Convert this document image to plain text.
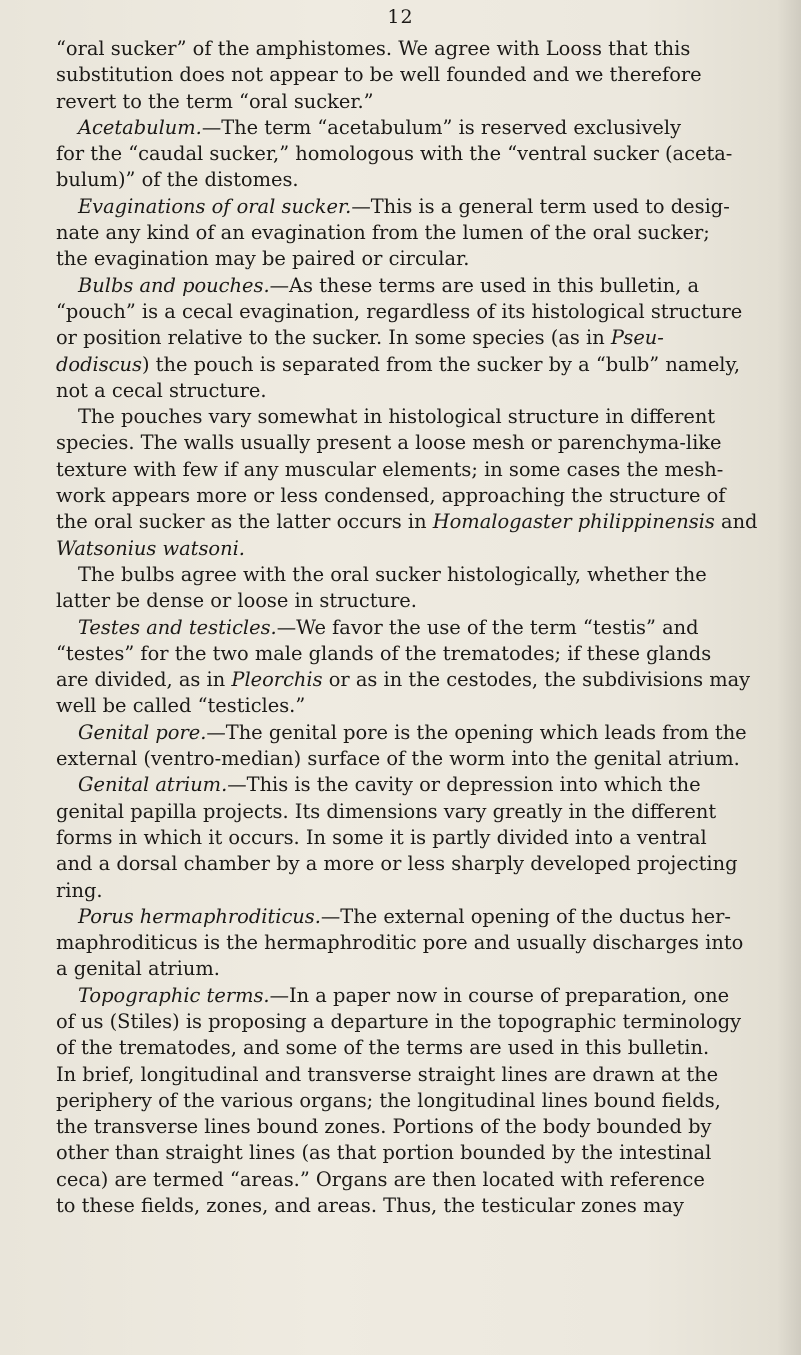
12
“oral sucker” of the amphistomes. We agree with Looss that this
substitution does not appear to be well founded and we therefore
revert to the term “oral sucker.”
Acetabulum.—The term “acetabulum” is reserved exclusively
for the “caudal sucker,” homologous with the “ventral sucker (aceta-
bulum)” of the distomes.
Evaginations of oral sucker.—This is a general term used to desig-
nate any kind of an evagination from the lumen of the oral sucker;
the evagination may be paired or circular.
Bulbs and pouches.—As these terms are used in this bulletin, a
“pouch” is a cecal evagination, regardless of its histological structure
or position relative to the sucker. In some species (as in Pseu-
dodiscus) the pouch is separated from the sucker by a “bulb” namely,
not a cecal structure.
The pouches vary somewhat in histological structure in different
species. The walls usually present a loose mesh or parenchyma-like
texture with few if any muscular elements; in some cases the mesh-
work appears more or less condensed, approaching the structure of
the oral sucker as the latter occurs in Homalogaster philippinensis and
Watsonius watsoni.
The bulbs agree with the oral sucker histologically, whether the
latter be dense or loose in structure.
Testes and testicles.—We favor the use of the term “testis” and
“testes” for the two male glands of the trematodes; if these glands
are divided, as in Pleorchis or as in the cestodes, the subdivisions may
well be called “testicles.”
Genital pore.—The genital pore is the opening which leads from the
external (ventro-median) surface of the worm into the genital atrium.
Genital atrium.—This is the cavity or depression into which the
genital papilla projects. Its dimensions vary greatly in the different
forms in which it occurs. In some it is partly divided into a ventral
and a dorsal chamber by a more or less sharply developed projecting
ring.
Porus hermaphroditicus.—The external opening of the ductus her-
maphroditicus is the hermaphroditic pore and usually discharges into
a genital atrium.
Topographic terms.—In a paper now in course of preparation, one
of us (Stiles) is proposing a departure in the topographic terminology
of the trematodes, and some of the terms are used in this bulletin.
In brief, longitudinal and transverse straight lines are drawn at the
periphery of the various organs; the longitudinal lines bound fields,
the transverse lines bound zones. Portions of the body bounded by
other than straight lines (as that portion bounded by the intestinal
ceca) are termed “areas.” Organs are then located with reference
to these fields, zones, and areas. Thus, the testicular zones may
